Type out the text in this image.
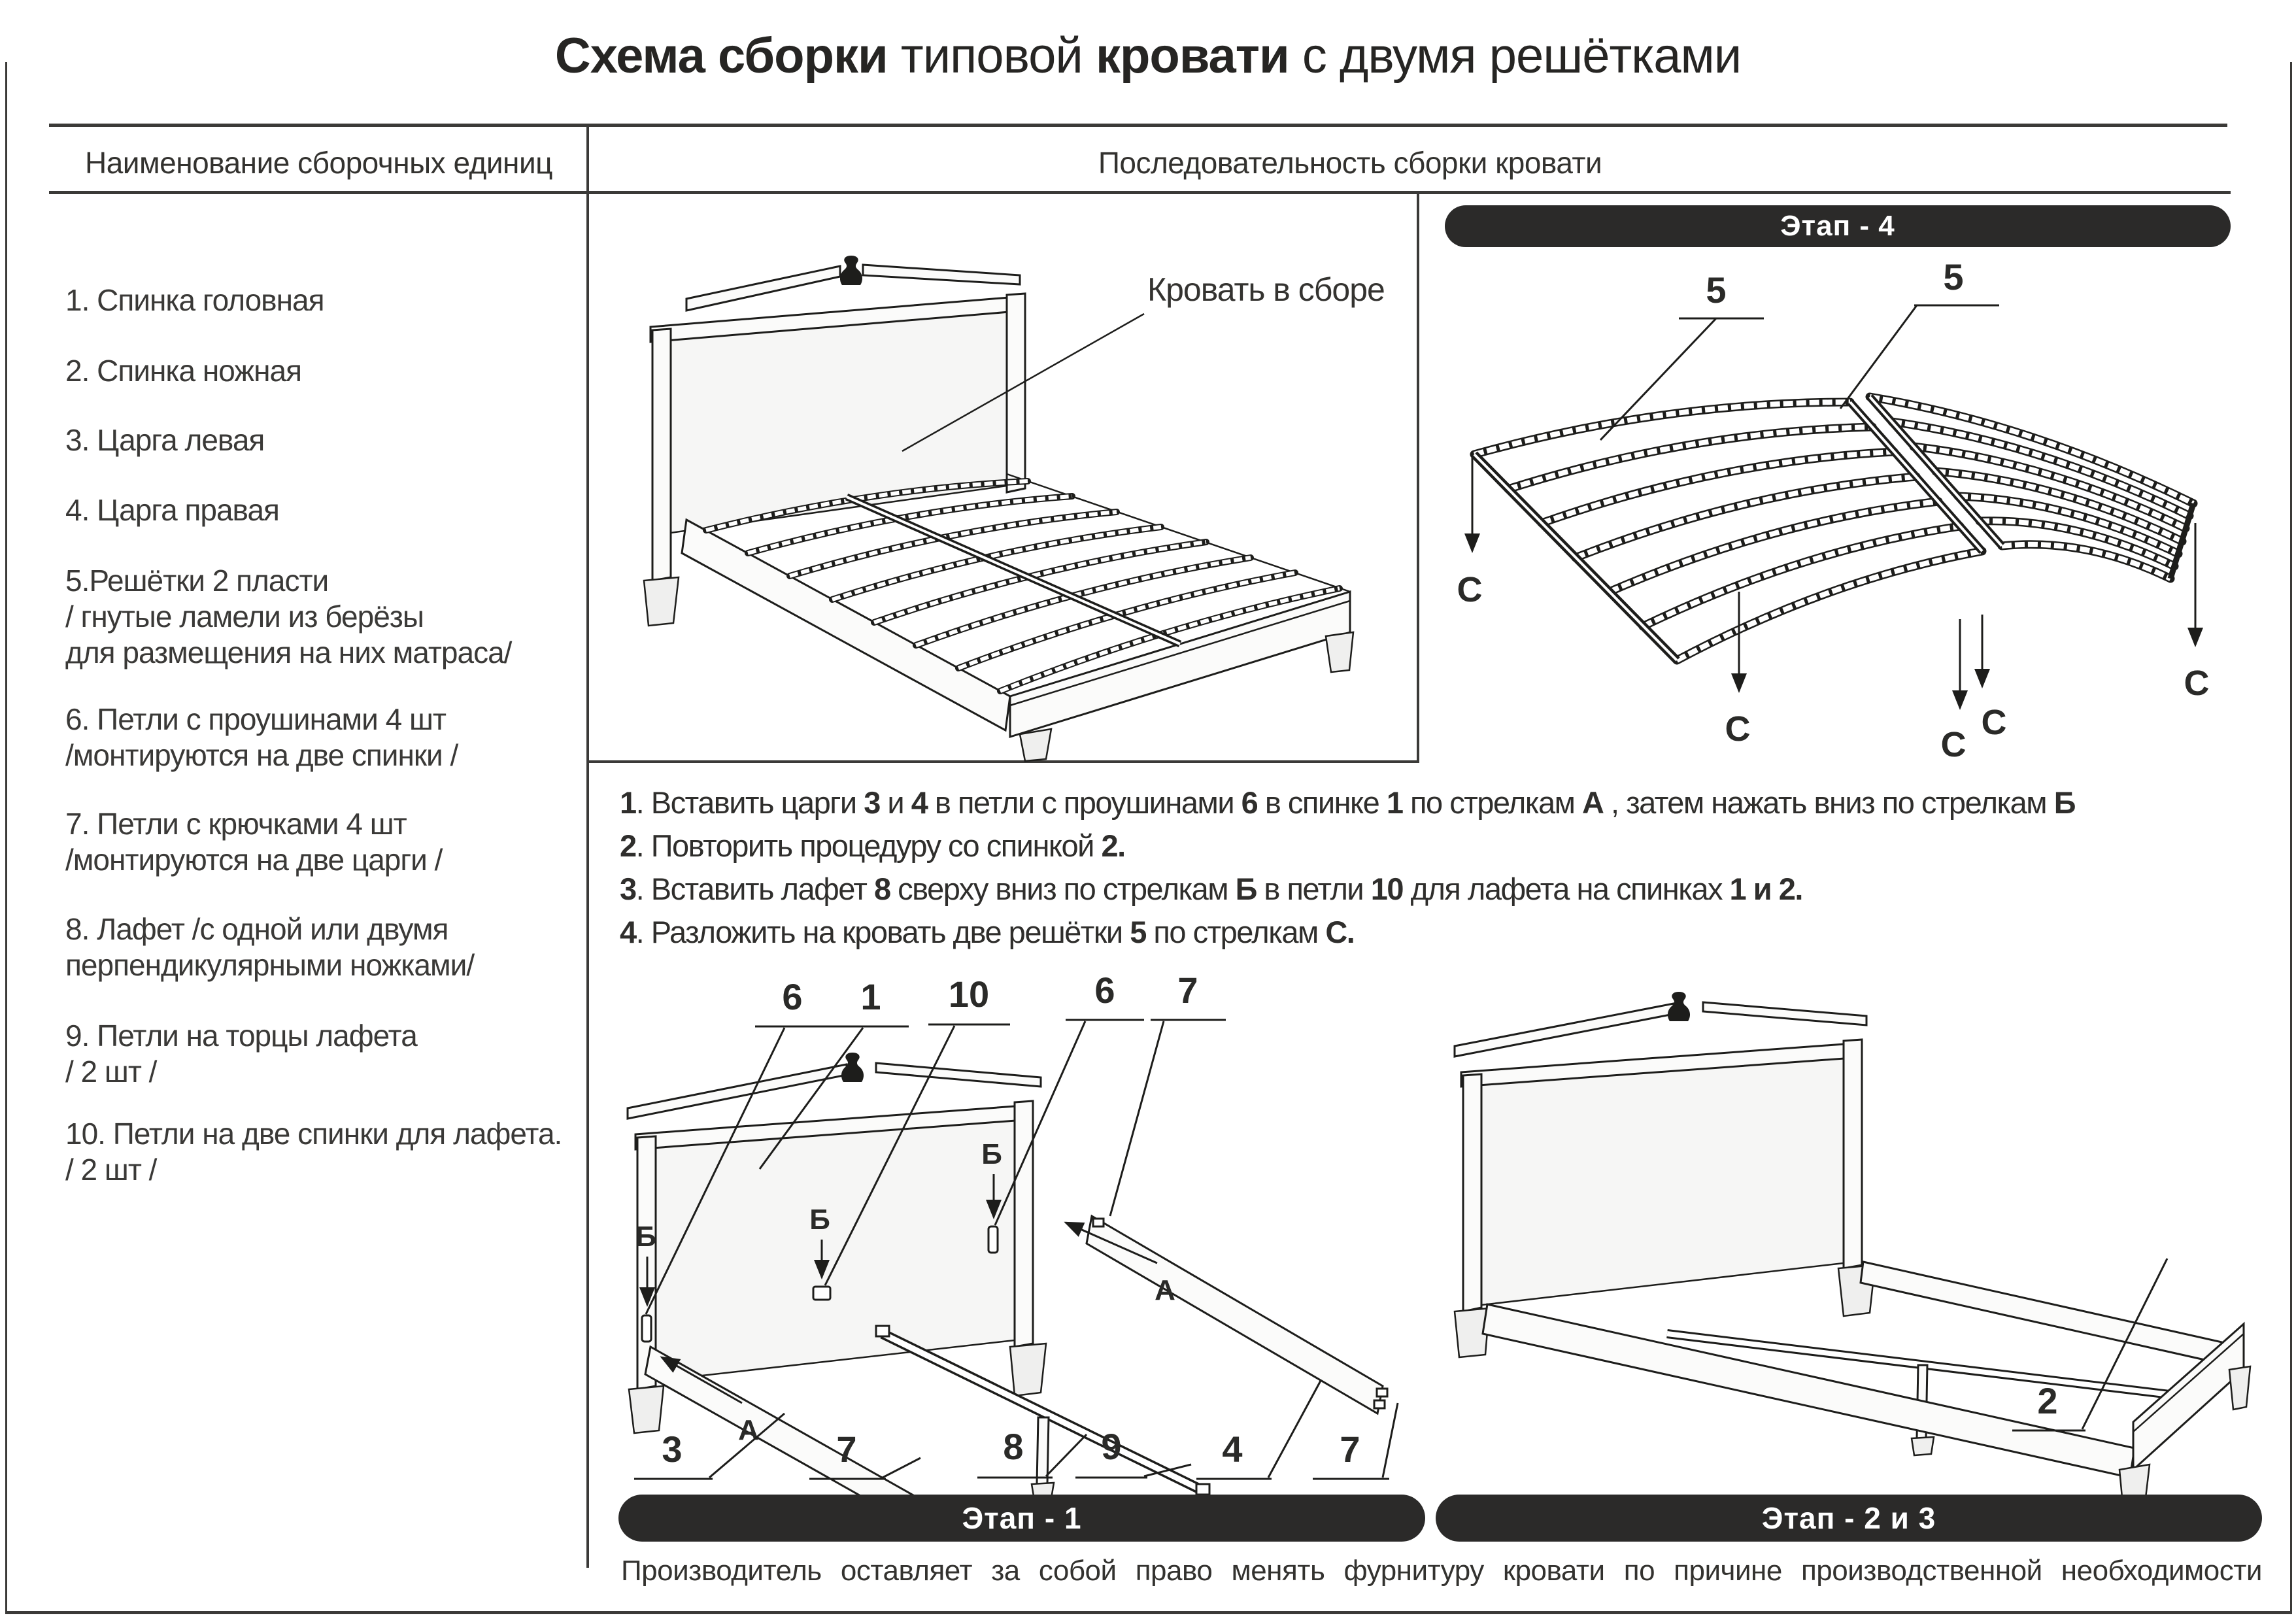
Схема сборки типовой кровати с двумя решётками
Наименование сборочных единиц	Последовательность сборки кровати
1. Спинка головная
2. Спинка ножная
3. Царга левая
4. Царга правая
5.Решётки 2 пласти
/ гнутые ламели из берёзы
для размещения на них матраса/
6. Петли с проушинами 4 шт
/монтируются на две спинки /
7. Петли с крючками 4 шт
/монтируются на две царги /
8. Лафет /с одной или двумя
перпендикулярными ножками/
9. Петли на торцы лафета
/ 2 шт /
10. Петли на две спинки для лафета.
/ 2 шт /
Кровать в сборе	5	5
С
С	С
С
С
Этап - 4
1. Вставить царги 3 и 4 в петли с проушинами 6 в спинке 1 по стрелкам А , затем нажать вниз по стрелкам Б
2. Повторить процедуру со спинкой 2.
3. Вставить лафет 8 сверху вниз по стрелкам Б в петли 10 для лафета на спинках 1 и 2.
4. Разложить на кровать две решётки 5 по стрелкам С.
6 1 10	6 7
Б
Б
Б
А
А
3	7	8 9	4	7
2
Этап - 1	Этап - 2 и 3
Производитель оставляет за собой право менять фурнитуру кровати по причине производственной необходимости
